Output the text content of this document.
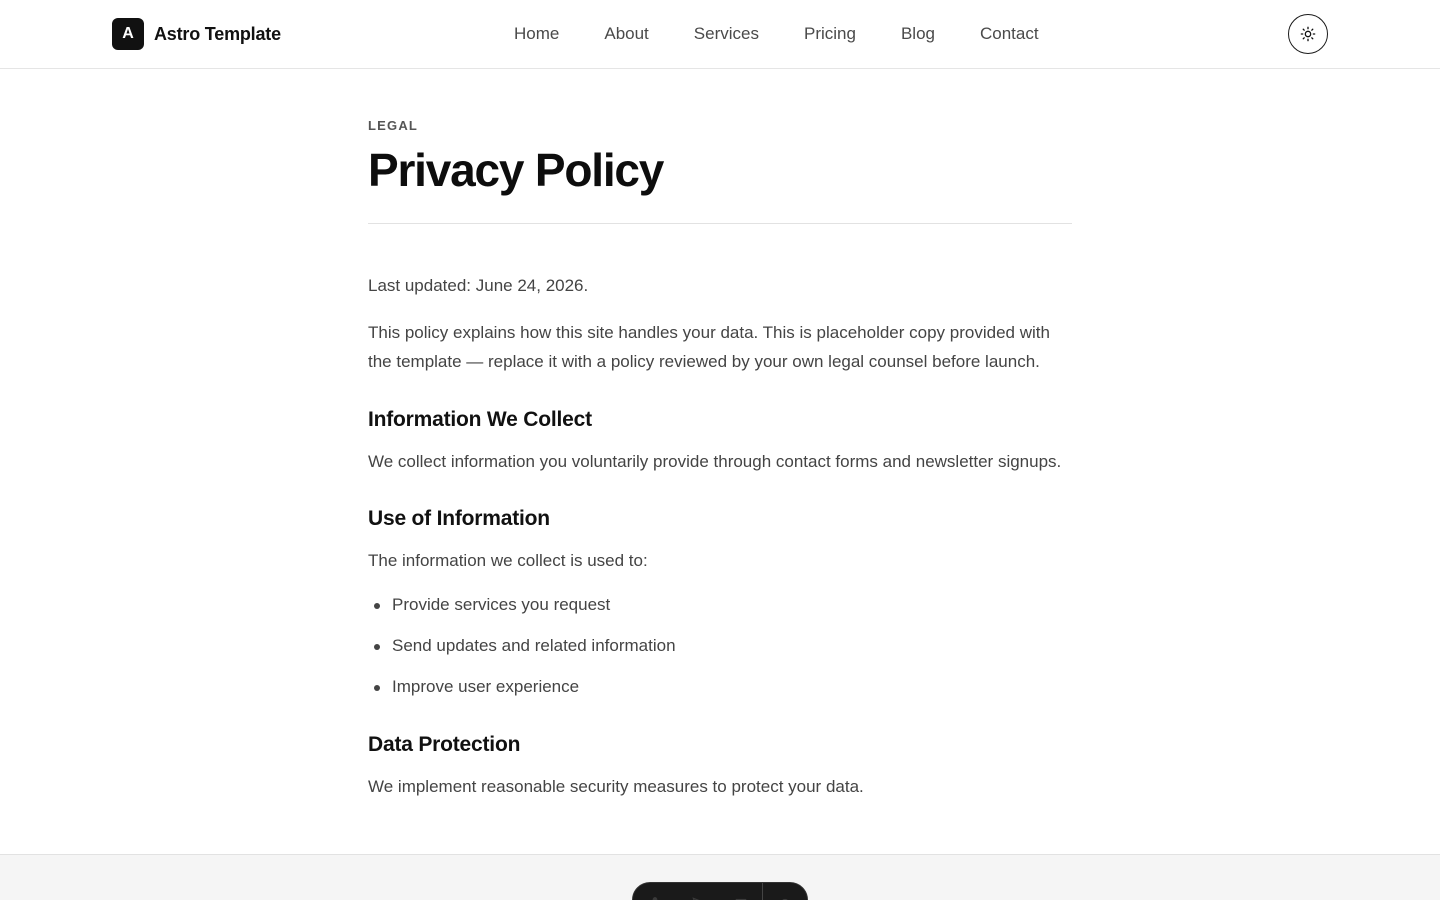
A	Astro Template	Home	About	Services	Pricing	Blog	Contact
LEGAL
Privacy Policy

Last updated: June 24, 2026.

This policy explains how this site handles your data. This is placeholder copy provided with the template — replace it with a policy reviewed by your own legal counsel before launch.

Information We Collect

We collect information you voluntarily provide through contact forms and newsletter signups.

Use of Information

The information we collect is used to:

Provide services you request
Send updates and related information
Improve user experience
Data Protection

We implement reasonable security measures to protect your data.
